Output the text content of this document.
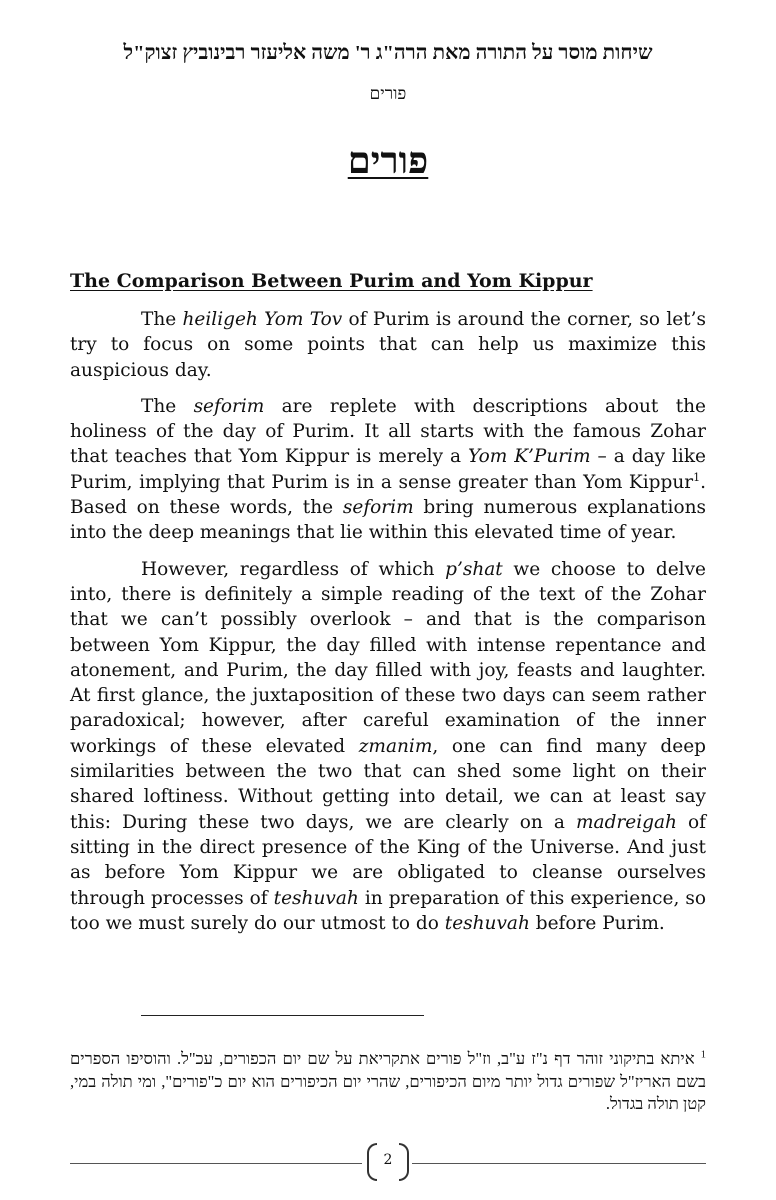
שיחות מוסר על התורה מאת הרה"ג ר' משה אליעזר רבינוביץ זצוק"ל
פורים
פורים
The Comparison Between Purim and Yom Kippur

The heiligeh Yom Tov of Purim is around the corner, so let’s try to focus on some points that can help us maximize this auspicious day.

The seforim are replete with descriptions about the holiness of the day of Purim. It all starts with the famous Zohar that teaches that Yom Kippur is merely a Yom K’Purim – a day like Purim, implying that Purim is in a sense greater than Yom Kippur$^1$. Based on these words, the seforim bring numerous explanations into the deep meanings that lie within this elevated time of year.

However, regardless of which p’shat we choose to delve into, there is definitely a simple reading of the text of the Zohar that we can’t possibly overlook – and that is the comparison between Yom Kippur, the day filled with intense repentance and atonement, and Purim, the day filled with joy, feasts and laughter. At first glance, the juxtaposition of these two days can seem rather paradoxical; however, after careful examination of the inner workings of these elevated zmanim, one can find many deep similarities between the two that can shed some light on their shared loftiness. Without getting into detail, we can at least say this: During these two days, we are clearly on a madreigah of sitting in the direct presence of the King of the Universe. And just as before Yom Kippur we are obligated to cleanse ourselves through processes of teshuvah in preparation of this experience, so too we must surely do our utmost to do teshuvah before Purim.

$^1$ איתא בתיקוני זוהר דף נ"ז ע"ב, וז"ל פורים אתקריאת על שם יום הכפורים, עכ"ל. והוסיפו הספרים בשם האריז"ל שפורים גדול יותר מיום הכיפורים, שהרי יום הכיפורים הוא יום כ"פורים", ומי תולה במי, קטן תולה בגדול.
2
